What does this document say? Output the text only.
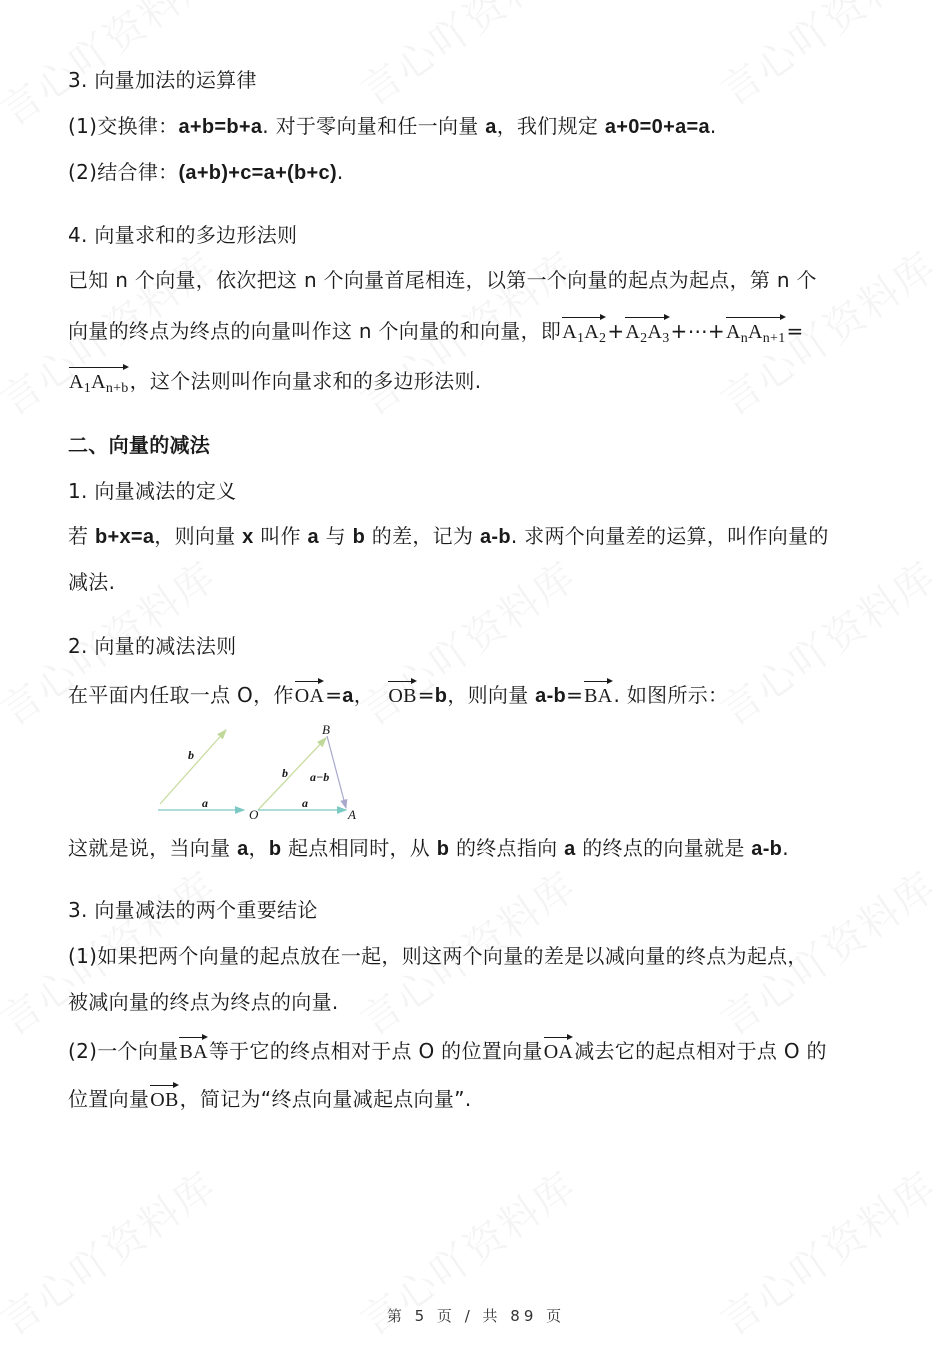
3. 向量加法的运算律
(1)交换律：a+b=b+a. 对于零向量和任一向量 a，我们规定 a+0=0+a=a.
(2)结合律：(a+b)+c=a+(b+c).
4. 向量求和的多边形法则
已知 n 个向量，依次把这 n 个向量首尾相连，以第一个向量的起点为起点，第 n 个
向量的终点为终点的向量叫作这 n 个向量的和向量，即$A_1A_2+A_2A_3+\cdots+A_nA_{n+1}=$
$A_1A_{n+b}$，这个法则叫作向量求和的多边形法则.
二、向量的减法
1. 向量减法的定义
若 b+x=a，则向量 x 叫作 a 与 b 的差，记为 a-b. 求两个向量差的运算，叫作向量的
减法.
2. 向量的减法法则
在平面内任取一点 O，作OA=a，  OB=b，则向量 a-b=BA. 如图所示：
b
a
O
B
b a−b
a
A
这就是说，当向量 a，b 起点相同时，从 b 的终点指向 a 的终点的向量就是 a-b.
3. 向量减法的两个重要结论
(1)如果把两个向量的起点放在一起，则这两个向量的差是以减向量的终点为起点，
被减向量的终点为终点的向量.
(2)一个向量BA等于它的终点相对于点 O 的位置向量OA减去它的起点相对于点 O 的
位置向量OB，简记为“终点向量减起点向量”.
第 5 页 / 共 89 页
